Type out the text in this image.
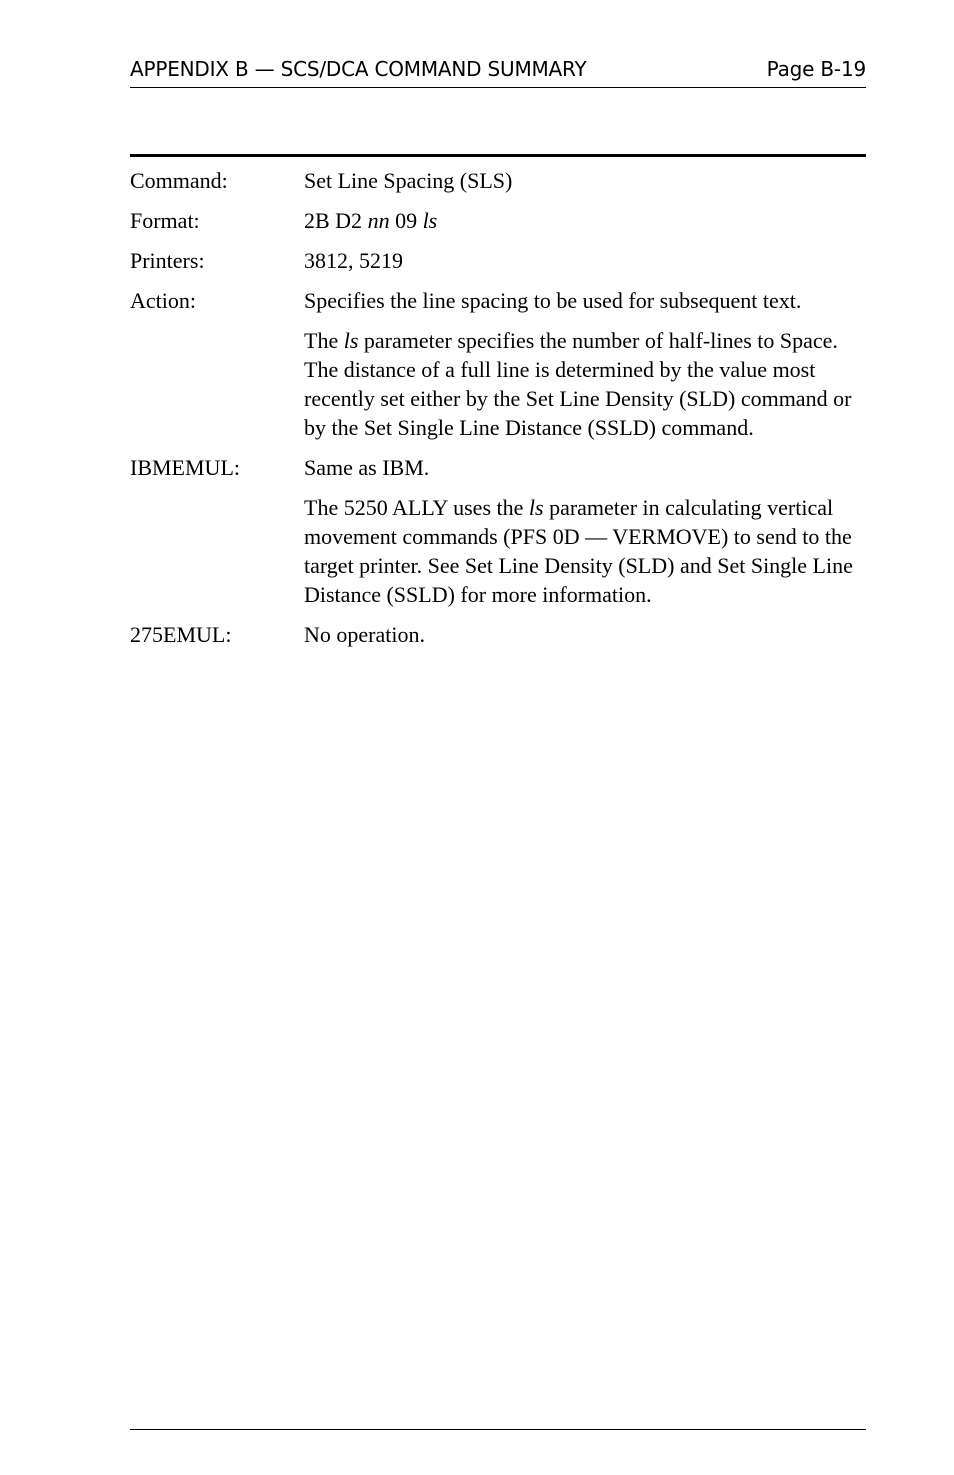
APPENDIX B — SCS/DCA COMMAND SUMMARY	Page B-19
Command:	Set Line Spacing (SLS)
Format:	2B D2 nn 09 ls
Printers:	3812, 5219
Action:	Specifies the line spacing to be used for subsequent text.

The ls parameter specifies the number of half-lines to Space. The distance of a full line is determined by the value most recently set either by the Set Line Density (SLD) command or by the Set Single Line Distance (SSLD) command.

IBMEMUL:	Same as IBM.

The 5250 ALLY uses the ls parameter in calculating vertical movement commands (PFS 0D — VERMOVE) to send to the target printer. See Set Line Density (SLD) and Set Single Line Distance (SSLD) for more information.

275EMUL:	No operation.
